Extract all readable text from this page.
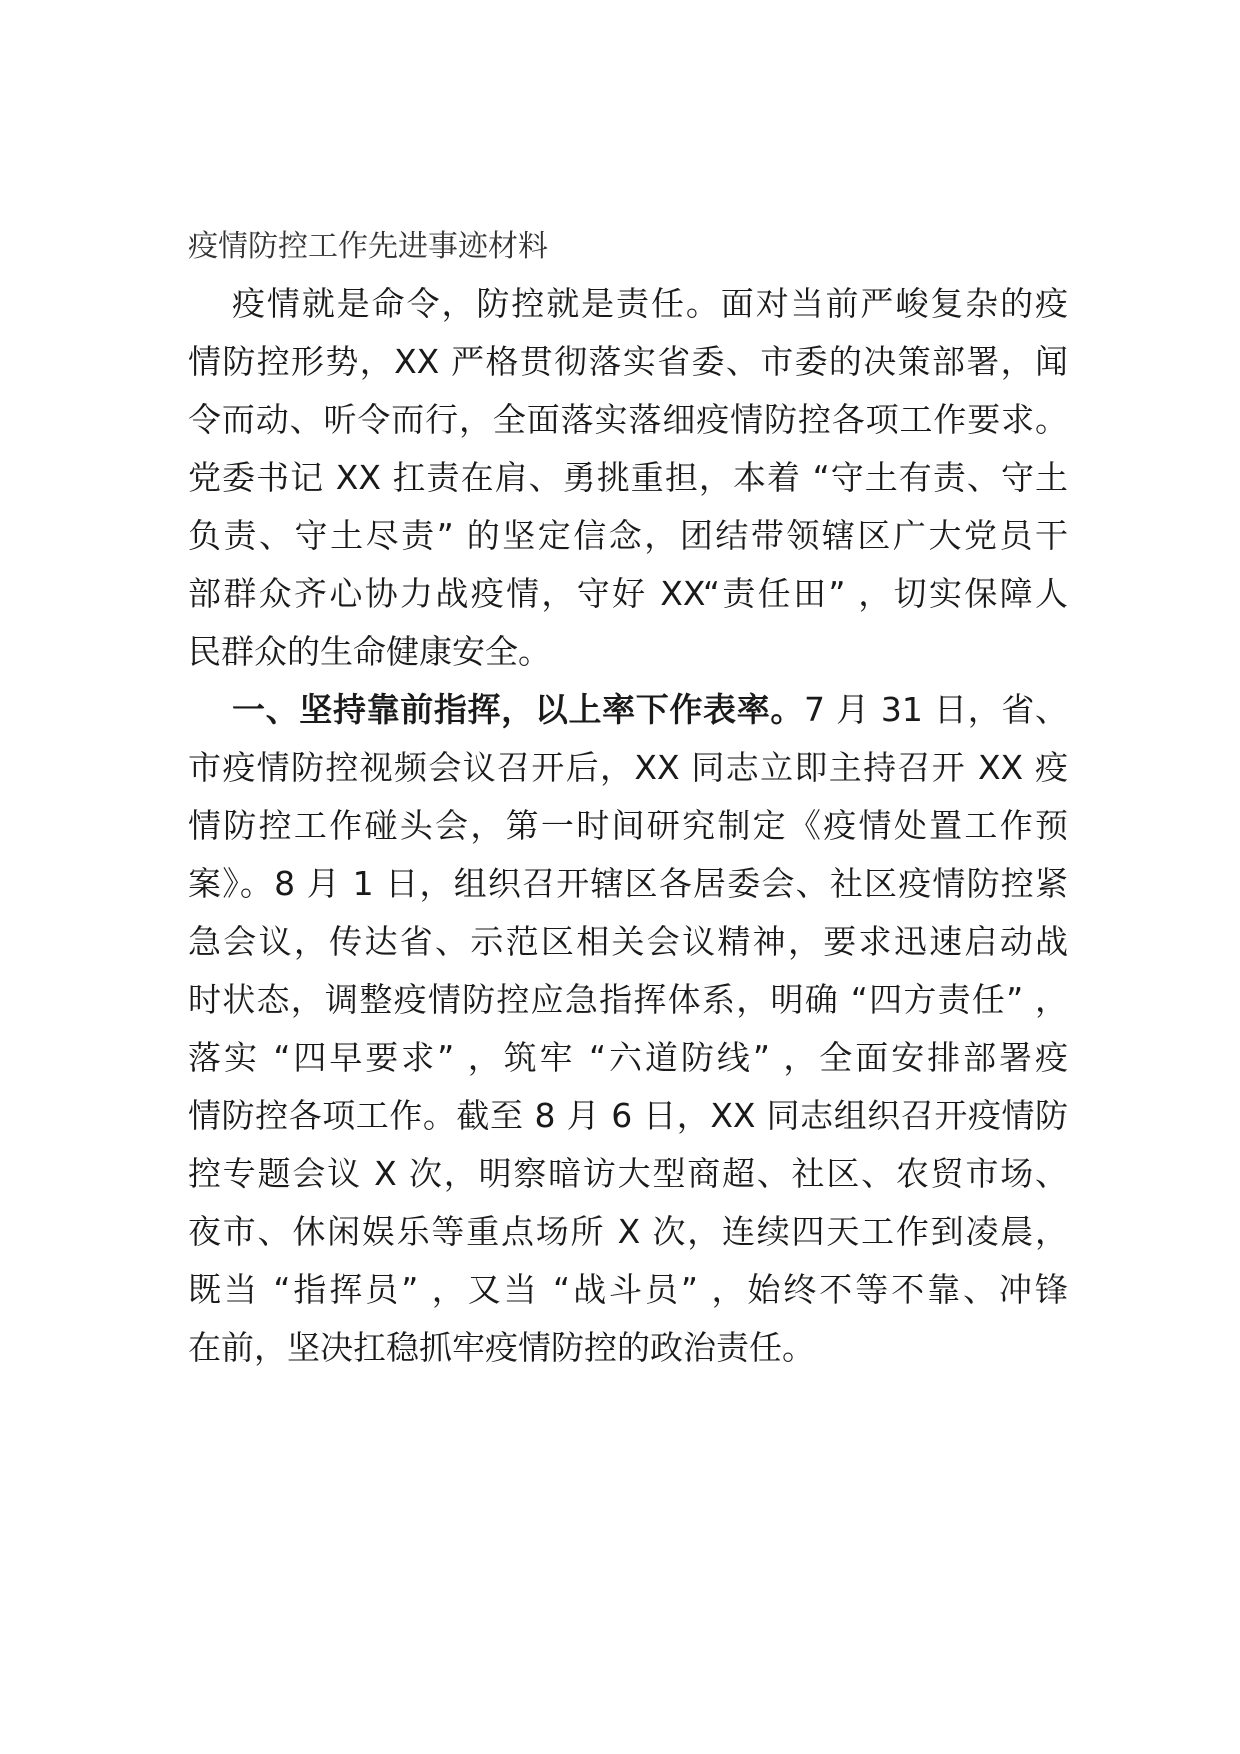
疫情防控工作先进事迹材料
疫情就是命令，防控就是责任。面对当前严峻复杂的疫
情防控形势，XX 严格贯彻落实省委、市委的决策部署，闻
令而动、听令而行，全面落实落细疫情防控各项工作要求。
党委书记 XX 扛责在肩、勇挑重担，本着 “守土有责、守土
负责、守土尽责” 的坚定信念，团结带领辖区广大党员干
部群众齐心协力战疫情，守好 XX“责任田” ，切实保障人
民群众的生命健康安全。
一、坚持靠前指挥，以上率下作表率。7 月 31 日，省、
市疫情防控视频会议召开后，XX 同志立即主持召开 XX 疫
情防控工作碰头会，第一时间研究制定《疫情处置工作预
案》。8 月 1 日，组织召开辖区各居委会、社区疫情防控紧
急会议，传达省、示范区相关会议精神，要求迅速启动战
时状态，调整疫情防控应急指挥体系，明确 “四方责任” ，
落实 “四早要求” ，筑牢 “六道防线” ，全面安排部署疫
情防控各项工作。截至 8 月 6 日，XX 同志组织召开疫情防
控专题会议 X 次，明察暗访大型商超、社区、农贸市场、
夜市、休闲娱乐等重点场所 X 次，连续四天工作到凌晨，
既当 “指挥员” ，又当 “战斗员” ，始终不等不靠、冲锋
在前，坚决扛稳抓牢疫情防控的政治责任。
